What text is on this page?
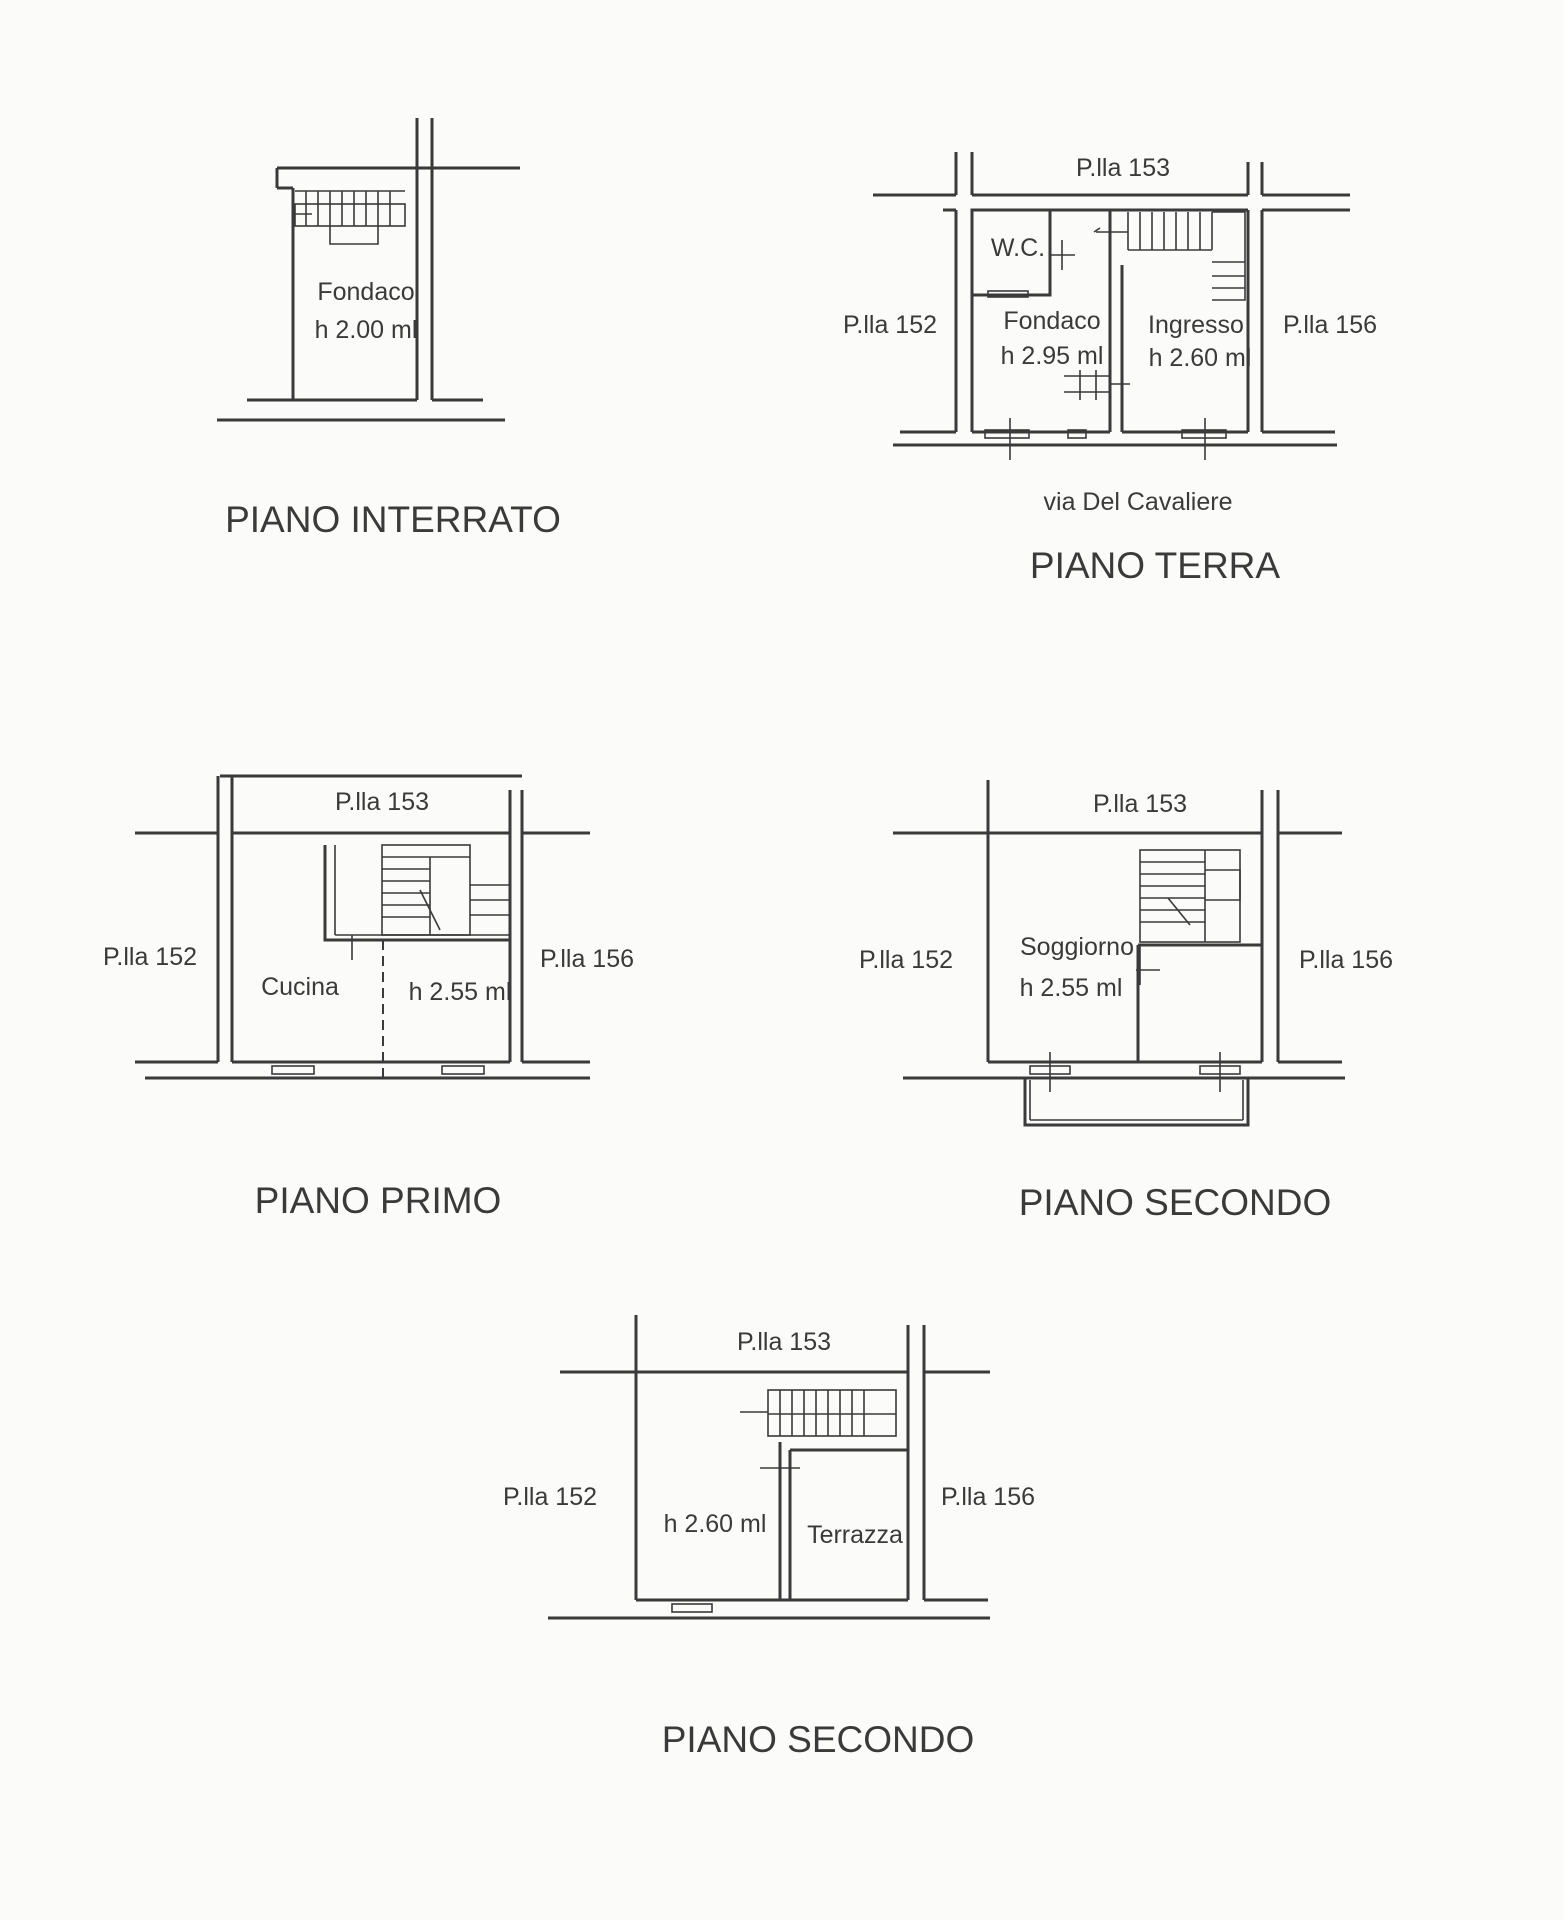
Fondaco
h 2.00 ml
PIANO INTERRATO
P.lla 153
P.lla 152	P.lla 156
W.C.
Fondaco
h 2.95 ml
Ingresso
h 2.60 ml
via Del Cavaliere
PIANO TERRA
P.lla 153
P.lla 152	P.lla 156
Cucina	h 2.55 ml
PIANO PRIMO
P.lla 153
P.lla 152	P.lla 156
Soggiorno
h 2.55 ml
PIANO SECONDO
P.lla 153
P.lla 152	P.lla 156
h 2.60 ml Terrazza
PIANO SECONDO
